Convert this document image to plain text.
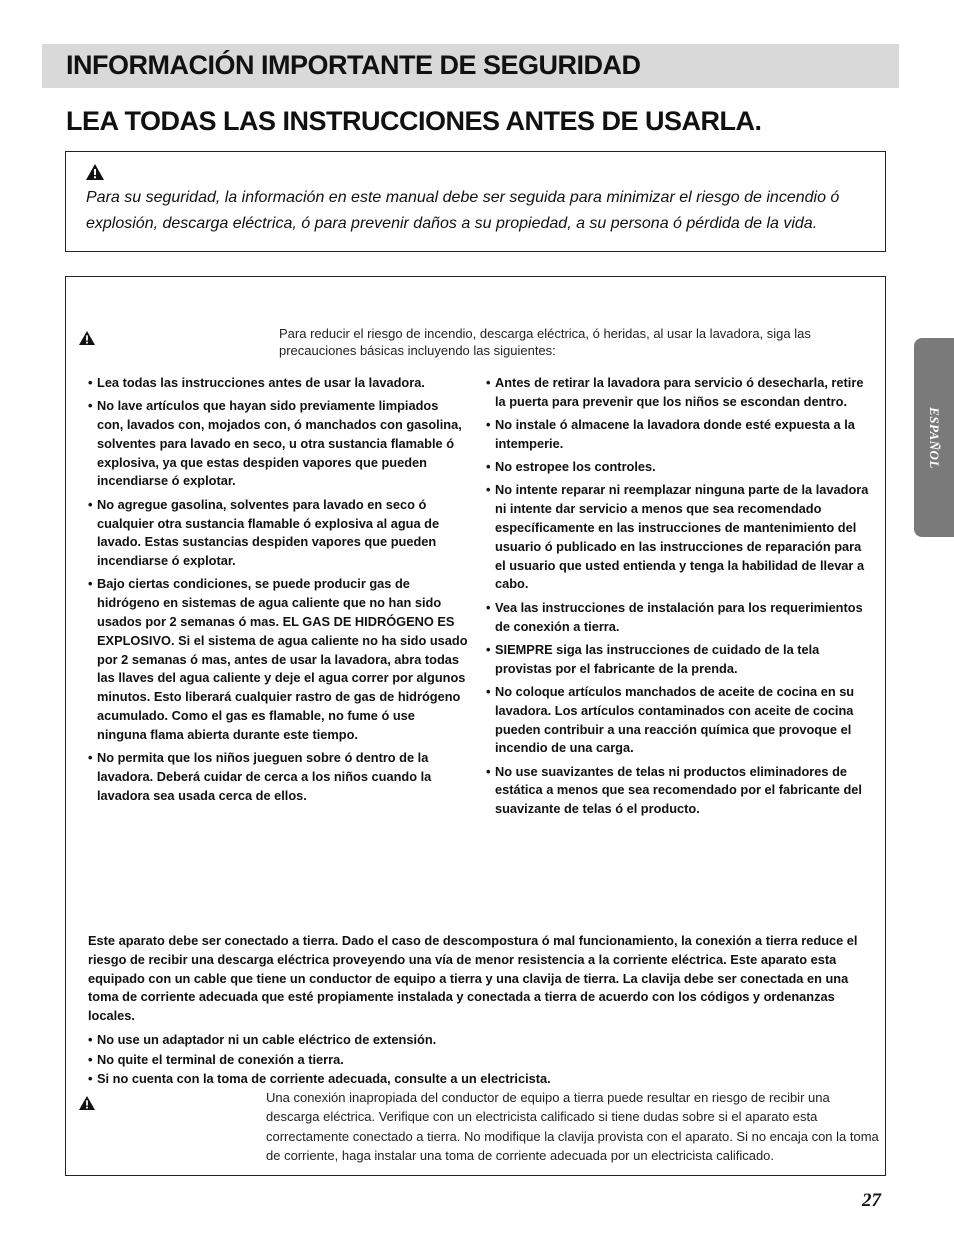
INFORMACIÓN IMPORTANTE DE SEGURIDAD
LEA TODAS LAS INSTRUCCIONES ANTES DE USARLA.

Para su seguridad, la información en este manual debe ser seguida para minimizar el riesgo de incendio ó explosión, descarga eléctrica, ó para prevenir daños a su propiedad, a su persona ó pérdida de la vida.

Para reducir el riesgo de incendio, descarga eléctrica, ó heridas, al usar la lavadora, siga las precauciones básicas incluyendo las siguientes:

• Lea todas las instrucciones antes de usar la lavadora.
• No lave artículos que hayan sido previamente limpiados con, lavados con, mojados con, ó manchados con gasolina, solventes para lavado en seco, u otra sustancia flamable ó explosiva, ya que estas despiden vapores que pueden incendiarse ó explotar.
• No agregue gasolina, solventes para lavado en seco ó cualquier otra sustancia flamable ó explosiva al agua de lavado. Estas sustancias despiden vapores que pueden incendiarse ó explotar.
• Bajo ciertas condiciones, se puede producir gas de hidrógeno en sistemas de agua caliente que no han sido usados por 2 semanas ó mas. EL GAS DE HIDRÓGENO ES EXPLOSIVO. Si el sistema de agua caliente no ha sido usado por 2 semanas ó mas, antes de usar la lavadora, abra todas las llaves del agua caliente y deje el agua correr por algunos minutos. Esto liberará cualquier rastro de gas de hidrógeno acumulado. Como el gas es flamable, no fume ó use ninguna flama abierta durante este tiempo.
• No permita que los niños jueguen sobre ó dentro de la lavadora. Deberá cuidar de cerca a los niños cuando la lavadora sea usada cerca de ellos.
• Antes de retirar la lavadora para servicio ó desecharla, retire la puerta para prevenir que los niños se escondan dentro.
• No instale ó almacene la lavadora donde esté expuesta a la intemperie.
• No estropee los controles.
• No intente reparar ni reemplazar ninguna parte de la lavadora ni intente dar servicio a menos que sea recomendado específicamente en las instrucciones de mantenimiento del usuario ó publicado en las instrucciones de reparación para el usuario que usted entienda y tenga la habilidad de llevar a cabo.
• Vea las instrucciones de instalación para los requerimientos de conexión a tierra.
• SIEMPRE siga las instrucciones de cuidado de la tela provistas por el fabricante de la prenda.
• No coloque artículos manchados de aceite de cocina en su lavadora. Los artículos contaminados con aceite de cocina pueden contribuir a una reacción química que provoque el incendio de una carga.
• No use suavizantes de telas ni productos eliminadores de estática a menos que sea recomendado por el fabricante del suavizante de telas ó el producto.

Este aparato debe ser conectado a tierra. Dado el caso de descompostura ó mal funcionamiento, la conexión a tierra reduce el riesgo de recibir una descarga eléctrica proveyendo una vía de menor resistencia a la corriente eléctrica. Este aparato esta equipado con un cable que tiene un conductor de equipo a tierra y una clavija de tierra. La clavija debe ser conectada en una toma de corriente adecuada que esté propiamente instalada y conectada a tierra de acuerdo con los códigos y ordenanzas locales.

• No use un adaptador ni un cable eléctrico de extensión.
• No quite el terminal de conexión a tierra.
• Si no cuenta con la toma de corriente adecuada, consulte a un electricista.

Una conexión inapropiada del conductor de equipo a tierra puede resultar en riesgo de recibir una descarga eléctrica. Verifique con un electricista calificado si tiene dudas sobre si el aparato esta correctamente conectado a tierra. No modifique la clavija provista con el aparato. Si no encaja con la toma de corriente, haga instalar una toma de corriente adecuada por un electricista calificado.

ESPAÑOL
27
